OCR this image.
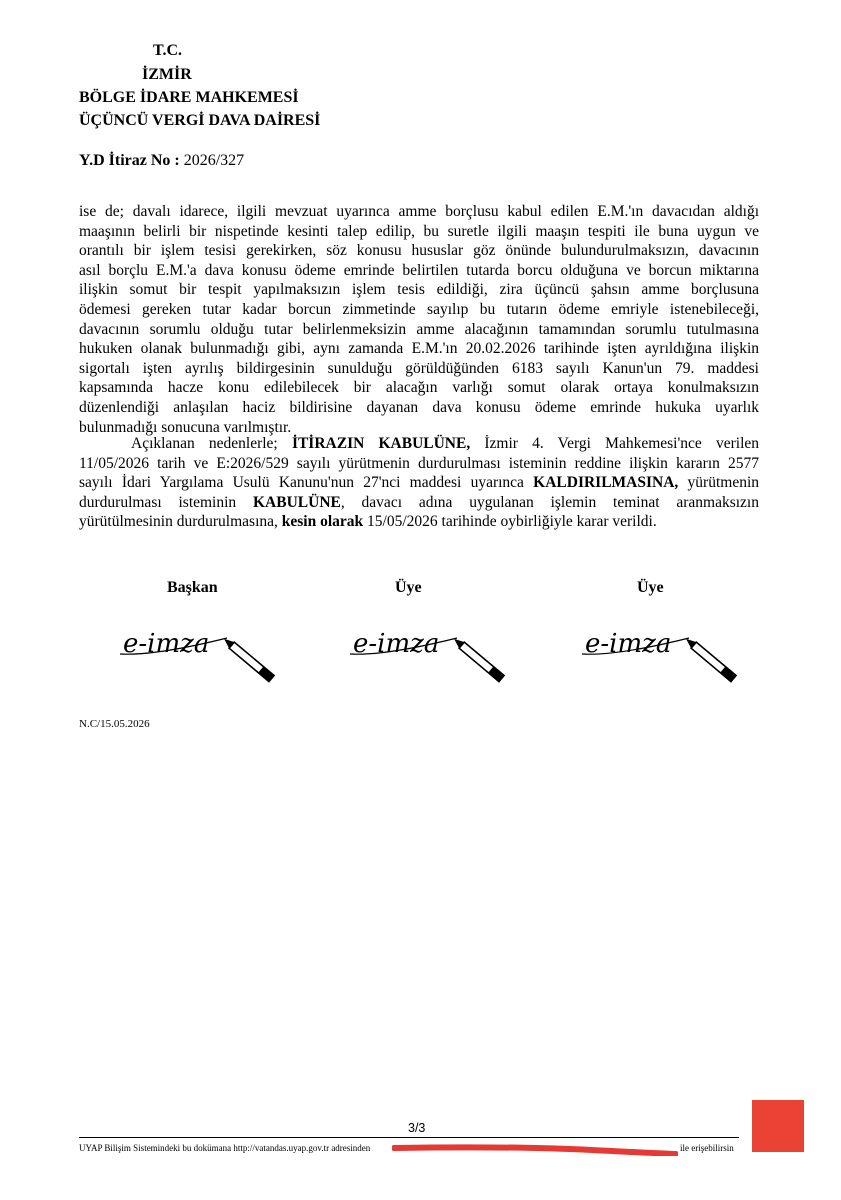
T.C.
İZMİR
BÖLGE İDARE MAHKEMESİ
ÜÇÜNCÜ VERGİ DAVA DAİRESİ
Y.D İtiraz No : 2026/327
ise de; davalı idarece, ilgili mevzuat uyarınca amme borçlusu kabul edilen E.M.'ın davacıdan aldığı
maaşının belirli bir nispetinde kesinti talep edilip, bu suretle ilgili maaşın tespiti ile buna uygun ve
orantılı bir işlem tesisi gerekirken, söz konusu hususlar göz önünde bulundurulmaksızın, davacının
asıl borçlu E.M.'a dava konusu ödeme emrinde belirtilen tutarda borcu olduğuna ve borcun miktarına
ilişkin somut bir tespit yapılmaksızın işlem tesis edildiği, zira üçüncü şahsın amme borçlusuna
ödemesi gereken tutar kadar borcun zimmetinde sayılıp bu tutarın ödeme emriyle istenebileceği,
davacının sorumlu olduğu tutar belirlenmeksizin amme alacağının tamamından sorumlu tutulmasına
hukuken olanak bulunmadığı gibi, aynı zamanda E.M.'ın 20.02.2026 tarihinde işten ayrıldığına ilişkin
sigortalı işten ayrılış bildirgesinin sunulduğu görüldüğünden 6183 sayılı Kanun'un 79. maddesi
kapsamında hacze konu edilebilecek bir alacağın varlığı somut olarak ortaya konulmaksızın
düzenlendiği anlaşılan haciz bildirisine dayanan dava konusu ödeme emrinde hukuka uyarlık
bulunmadığı sonucuna varılmıştır.
Açıklanan nedenlerle; İTİRAZIN KABULÜNE, İzmir 4. Vergi Mahkemesi'nce verilen
11/05/2026 tarih ve E:2026/529 sayılı yürütmenin durdurulması isteminin reddine ilişkin kararın 2577
sayılı İdari Yargılama Usulü Kanunu'nun 27'nci maddesi uyarınca KALDIRILMASINA, yürütmenin
durdurulması isteminin KABULÜNE, davacı adına uygulanan işlemin teminat aranmaksızın
yürütülmesinin durdurulmasına, kesin olarak 15/05/2026 tarihinde oybirliğiyle karar verildi.
Başkan	Üye	Üye
e-imza	e-imza	e-imza
N.C/15.05.2026
3/3
UYAP Bilişim Sistemindeki bu dokümana http://vatandas.uyap.gov.tr adresinden	ile erişebilirsin
